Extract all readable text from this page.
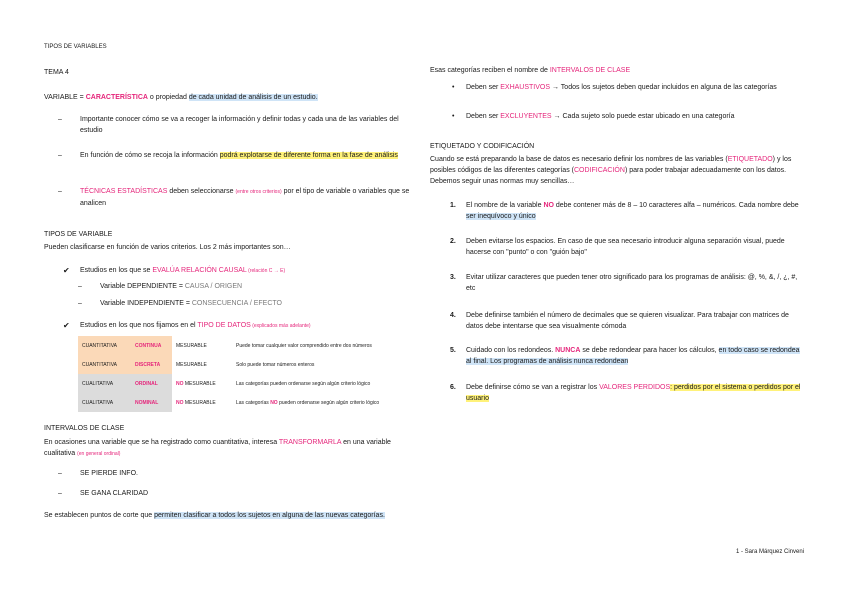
TIPOS DE VARIABLES
TEMA 4
VARIABLE = CARACTERÍSTICA o propiedad de cada unidad de análisis de un estudio.
–	Importante conocer cómo se va a recoger la información y definir todas y cada una de las variables del estudio
–	En función de cómo se recoja la información podrá explotarse de diferente forma en la fase de análisis
–	TÉCNICAS ESTADÍSTICAS deben seleccionarse (entre otros criterios) por el tipo de variable o variables que se analicen
TIPOS DE VARIABLE
Pueden clasificarse en función de varios criterios. Los 2 más importantes son…
✔ Estudios en los que se EVALÚA RELACIÓN CAUSAL (relación C → E)
–	Variable DEPENDIENTE = CAUSA / ORIGEN
–	Variable INDEPENDIENTE = CONSECUENCIA / EFECTO
✔ Estudios en los que nos fijamos en el TIPO DE DATOS (explicados más adelante)
CUANTITATIVA	CONTINUA	MESURABLE	Puede tomar cualquier valor comprendido entre dos números
CUANTITATIVA	DISCRETA	MESURABLE	Solo puede tomar números enteros
CUALITATIVA	ORDINAL	NO MESURABLE	Las categorías pueden ordenarse según algún criterio lógico
CUALITATIVA	NOMINAL	NO MESURABLE	Las categorías NO pueden ordenarse según algún criterio lógico
INTERVALOS DE CLASE
En ocasiones una variable que se ha registrado como cuantitativa, interesa TRANSFORMARLA en una variable cualitativa (en general ordinal)
–	SE PIERDE INFO.
–	SE GANA CLARIDAD
Se establecen puntos de corte que permiten clasificar a todos los sujetos en alguna de las nuevas categorías.
Esas categorías reciben el nombre de INTERVALOS DE CLASE
• Deben ser EXHAUSTIVOS → Todos los sujetos deben quedar incluidos en alguna de las categorías
• Deben ser EXCLUYENTES → Cada sujeto solo puede estar ubicado en una categoría
ETIQUETADO Y CODIFICACIÓN
Cuando se está preparando la base de datos es necesario definir los nombres de las variables (ETIQUETADO) y los posibles códigos de las diferentes categorías (CODIFICACIÓN) para poder trabajar adecuadamente con los datos. Debemos seguir unas normas muy sencillas…
1. El nombre de la variable NO debe contener más de 8 – 10 caracteres alfa – numéricos. Cada nombre debe ser inequívoco y único
2. Deben evitarse los espacios. En caso de que sea necesario introducir alguna separación visual, puede hacerse con "punto" o con "guión bajo"
3. Evitar utilizar caracteres que pueden tener otro significado para los programas de análisis: @, %, &, /, ¿, #, etc
4. Debe definirse también el número de decimales que se quieren visualizar. Para trabajar con matrices de datos debe intentarse que sea visualmente cómoda
5. Cuidado con los redondeos. NUNCA se debe redondear para hacer los cálculos, en todo caso se redondea al final. Los programas de análisis nunca redondean
6. Debe definirse cómo se van a registrar los VALORES PERDIDOS: perdidos por el sistema o perdidos por el usuario
1 - Sara Márquez Cinveni
